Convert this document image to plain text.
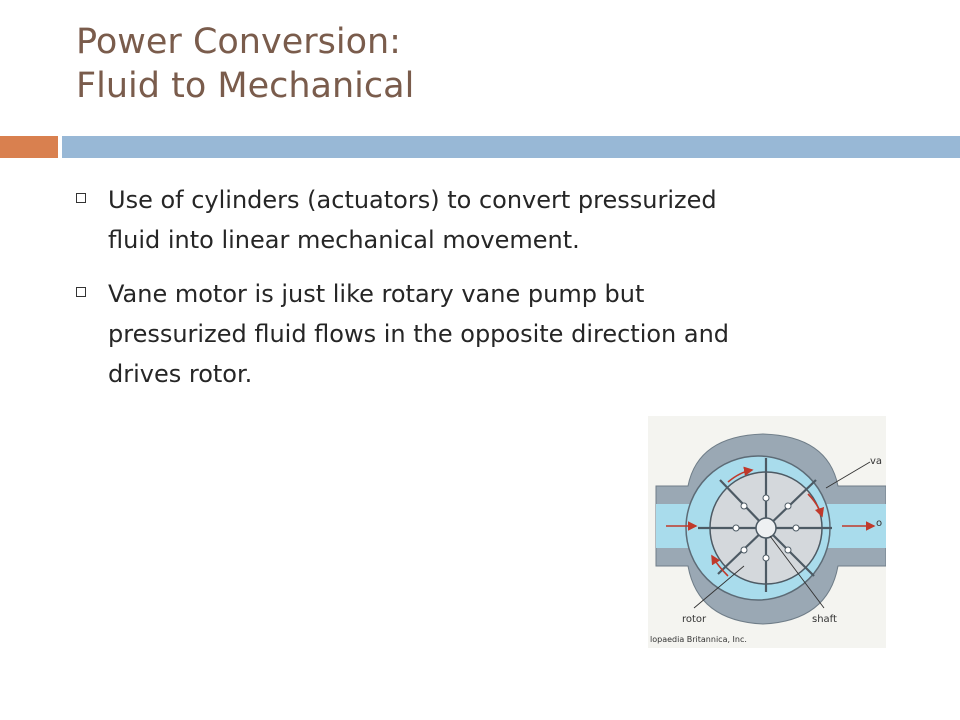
Power Conversion:
Fluid to Mechanical
Use of cylinders (actuators) to convert pressurized
fluid into linear mechanical movement.
Vane motor is just like rotary vane pump but
pressurized fluid flows in the opposite direction and
drives rotor.
va
o
rotor	shaft
lopaedia Britannica, Inc.
